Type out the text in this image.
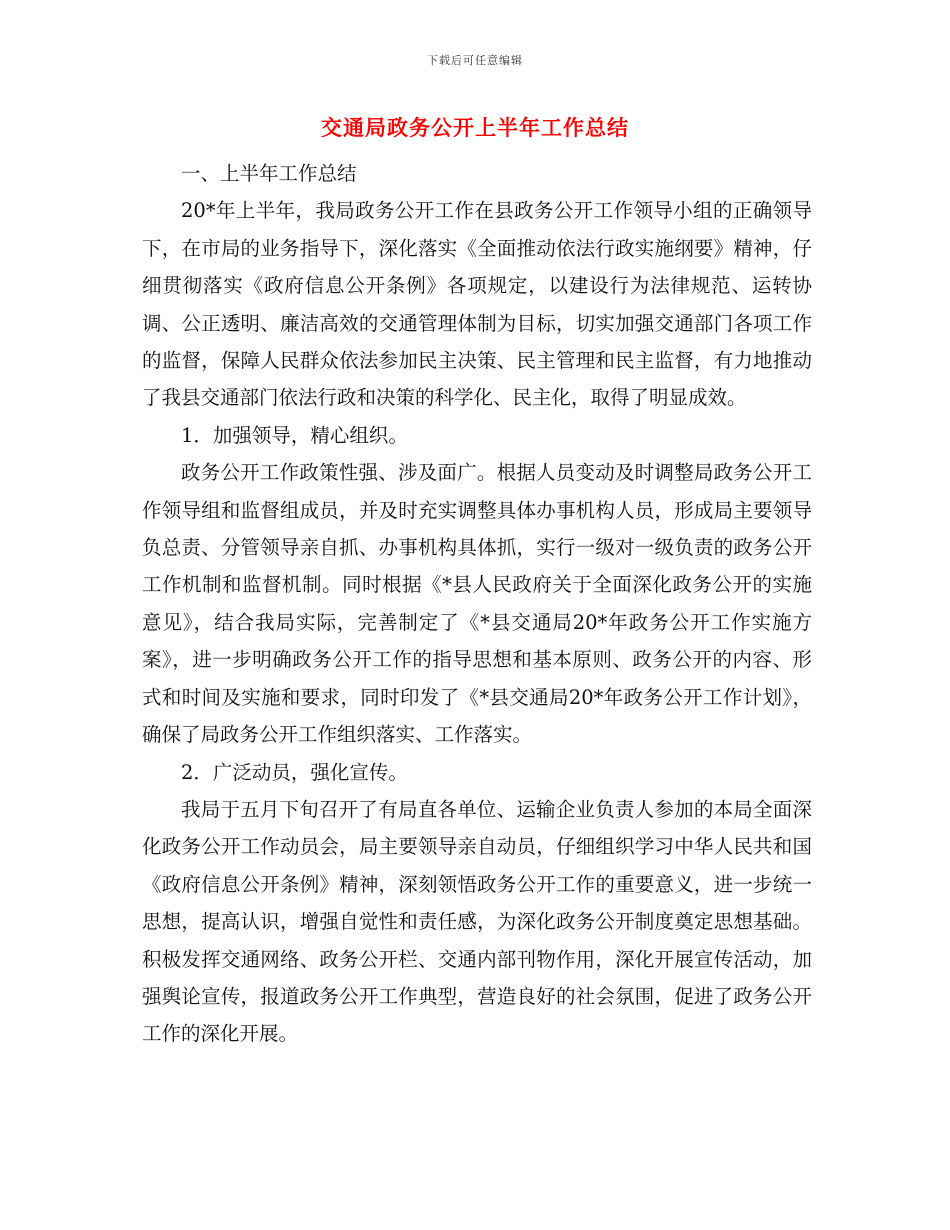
下载后可任意编辑
交通局政务公开上半年工作总结

一、上半年工作总结

20*年上半年，我局政务公开工作在县政务公开工作领导小组的正确领导下，在市局的业务指导下，深化落实《全面推动依法行政实施纲要》精神，仔细贯彻落实《政府信息公开条例》各项规定，以建设行为法律规范、运转协调、公正透明、廉洁高效的交通管理体制为目标，切实加强交通部门各项工作的监督，保障人民群众依法参加民主决策、民主管理和民主监督，有力地推动了我县交通部门依法行政和决策的科学化、民主化，取得了明显成效。

1．加强领导，精心组织。

政务公开工作政策性强、涉及面广。根据人员变动及时调整局政务公开工作领导组和监督组成员，并及时充实调整具体办事机构人员，形成局主要领导负总责、分管领导亲自抓、办事机构具体抓，实行一级对一级负责的政务公开工作机制和监督机制。同时根据《*县人民政府关于全面深化政务公开的实施意见》，结合我局实际，完善制定了《*县交通局20*年政务公开工作实施方案》，进一步明确政务公开工作的指导思想和基本原则、政务公开的内容、形式和时间及实施和要求，同时印发了《*县交通局20*年政务公开工作计划》，确保了局政务公开工作组织落实、工作落实。

2．广泛动员，强化宣传。

我局于五月下旬召开了有局直各单位、运输企业负责人参加的本局全面深化政务公开工作动员会，局主要领导亲自动员，仔细组织学习中华人民共和国《政府信息公开条例》精神，深刻领悟政务公开工作的重要意义，进一步统一思想，提高认识，增强自觉性和责任感，为深化政务公开制度奠定思想基础。积极发挥交通网络、政务公开栏、交通内部刊物作用，深化开展宣传活动，加强舆论宣传，报道政务公开工作典型，营造良好的社会氛围，促进了政务公开工作的深化开展。
